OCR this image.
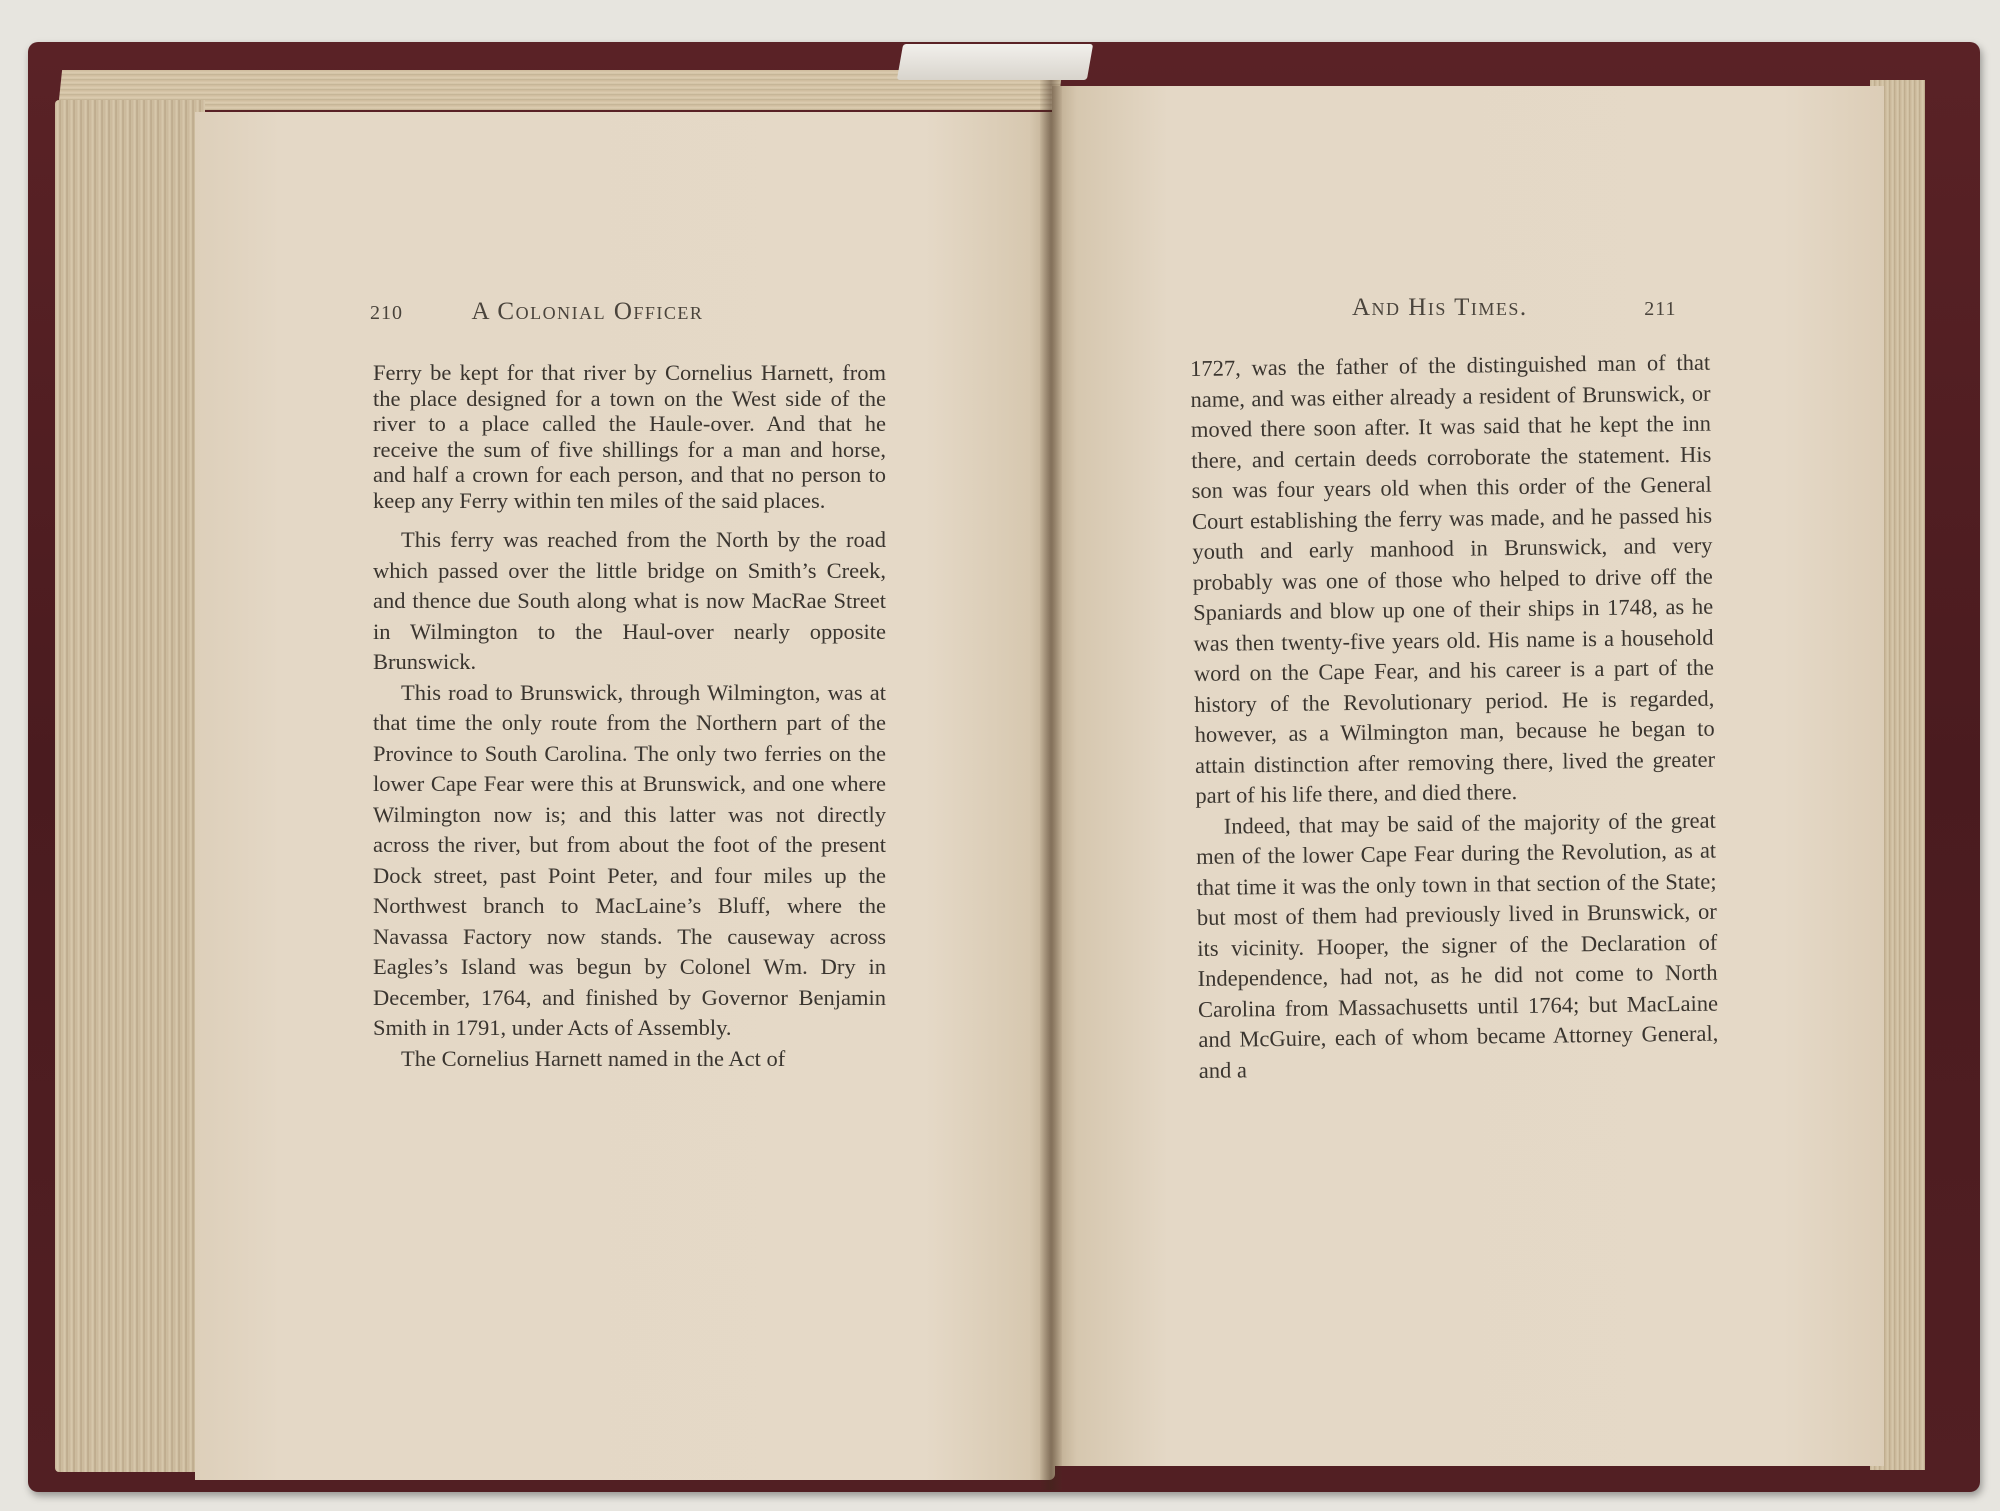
210	A Colonial Officer

Ferry be kept for that river by Cornelius Harnett, from the place designed for a town on the West side of the river to a place called the Haule-over. And that he receive the sum of five shillings for a man and horse, and half a crown for each person, and that no person to keep any Ferry within ten miles of the said places.

This ferry was reached from the North by the road which passed over the little bridge on Smith’s Creek, and thence due South along what is now MacRae Street in Wilmington to the Haul-over nearly opposite Brunswick.

This road to Brunswick, through Wilmington, was at that time the only route from the Northern part of the Province to South Carolina. The only two ferries on the lower Cape Fear were this at Brunswick, and one where Wilmington now is; and this latter was not directly across the river, but from about the foot of the present Dock street, past Point Peter, and four miles up the Northwest branch to MacLaine’s Bluff, where the Navassa Factory now stands. The causeway across Eagles’s Island was begun by Colonel Wm. Dry in December, 1764, and finished by Governor Benjamin Smith in 1791, under Acts of Assembly.

The Cornelius Harnett named in the Act of

And His Times.	211

1727, was the father of the distinguished man of that name, and was either already a resident of Brunswick, or moved there soon after. It was said that he kept the inn there, and certain deeds corroborate the statement. His son was four years old when this order of the General Court establishing the ferry was made, and he passed his youth and early manhood in Brunswick, and very probably was one of those who helped to drive off the Spaniards and blow up one of their ships in 1748, as he was then twenty-five years old. His name is a household word on the Cape Fear, and his career is a part of the history of the Revolutionary period. He is regarded, however, as a Wilmington man, because he began to attain distinction after removing there, lived the greater part of his life there, and died there.

Indeed, that may be said of the majority of the great men of the lower Cape Fear during the Revolution, as at that time it was the only town in that section of the State; but most of them had previously lived in Brunswick, or its vicinity. Hooper, the signer of the Declaration of Independence, had not, as he did not come to North Carolina from Massachusetts until 1764; but MacLaine and McGuire, each of whom became Attorney General, and a
